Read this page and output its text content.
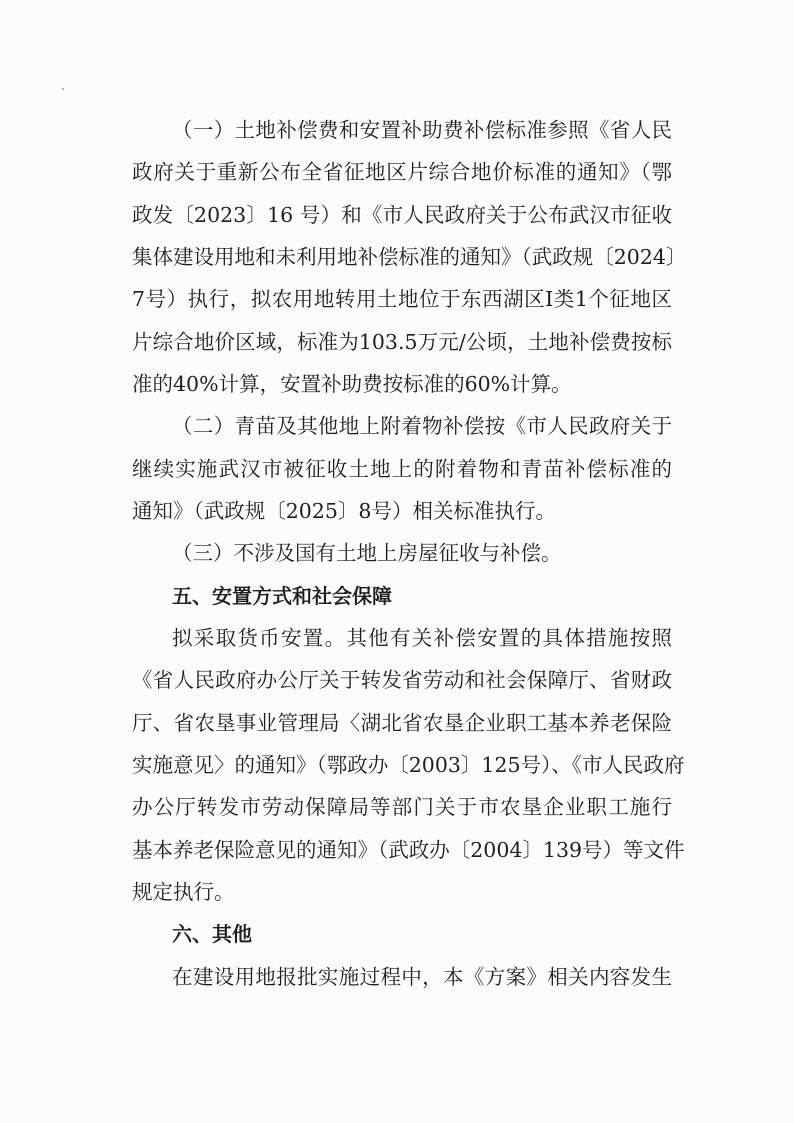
（一）土地补偿费和安置补助费补偿标准参照《省人民
政府关于重新公布全省征地区片综合地价标准的通知》（鄂
政发〔2023〕16 号）和《市人民政府关于公布武汉市征收
集体建设用地和未利用地补偿标准的通知》（武政规〔2024〕
7号）执行，拟农用地转用土地位于东西湖区Ⅰ类1个征地区
片综合地价区域，标准为103.5万元/公顷，土地补偿费按标
准的40%计算，安置补助费按标准的60%计算。
（二）青苗及其他地上附着物补偿按《市人民政府关于
继续实施武汉市被征收土地上的附着物和青苗补偿标准的
通知》（武政规〔2025〕8号）相关标准执行。
（三）不涉及国有土地上房屋征收与补偿。
五、安置方式和社会保障
拟采取货币安置。其他有关补偿安置的具体措施按照
《省人民政府办公厅关于转发省劳动和社会保障厅、省财政
厅、省农垦事业管理局〈湖北省农垦企业职工基本养老保险
实施意见〉的通知》（鄂政办〔2003〕125号）、《市人民政府
办公厅转发市劳动保障局等部门关于市农垦企业职工施行
基本养老保险意见的通知》（武政办〔2004〕139号）等文件
规定执行。
六、其他
在建设用地报批实施过程中，本《方案》相关内容发生
